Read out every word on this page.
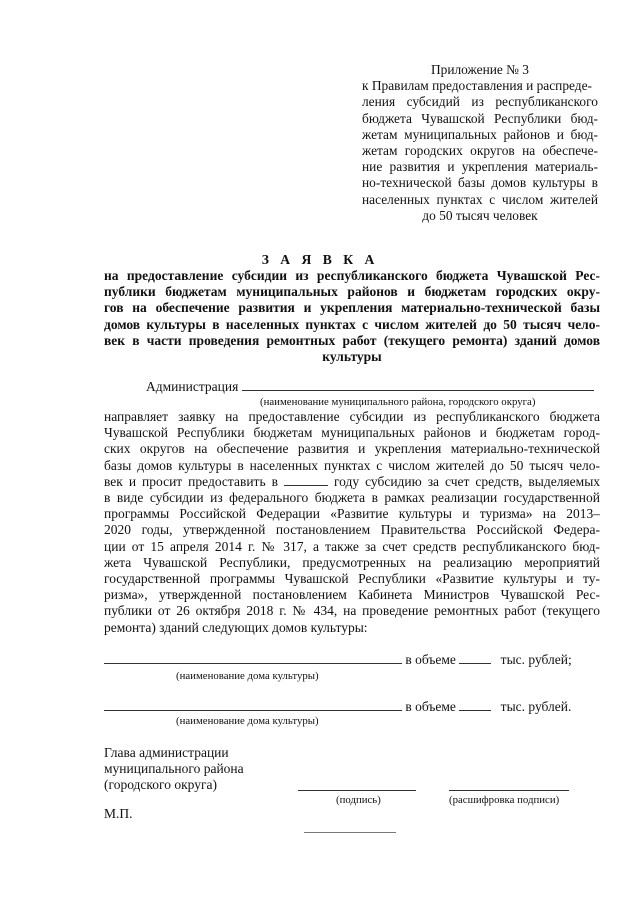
Приложение № 3
к Правилам предоставления и распреде-
ления субсидий из республиканского
бюджета Чувашской Республики бюд-
жетам муниципальных районов и бюд-
жетам городских округов на обеспече-
ние развития и укрепления материаль-
но-технической базы домов культуры в
населенных пунктах с числом жителей
до 50 тысяч человек
З А Я В К А
на предоставление субсидии из республиканского бюджета Чувашской Рес-
публики бюджетам муниципальных районов и бюджетам городских окру-
гов на обеспечение развития и укрепления материально-технической базы
домов культуры в населенных пунктах с числом жителей до 50 тысяч чело-
век в части проведения ремонтных работ (текущего ремонта) зданий домов
культуры
Администрация
(наименование муниципального района, городского округа)
направляет заявку на предоставление субсидии из республиканского бюджета
Чувашской Республики бюджетам муниципальных районов и бюджетам город-
ских округов на обеспечение развития и укрепления материально-технической
базы домов культуры в населенных пунктах с числом жителей до 50 тысяч чело-
век и просит предоставить в	году субсидию за счет средств, выделяемых
в виде субсидии из федерального бюджета в рамках реализации государственной
программы Российской Федерации «Развитие культуры и туризма» на 2013–
2020 годы, утвержденной постановлением Правительства Российской Федера-
ции от 15 апреля 2014 г. № 317, а также за счет средств республиканского бюд-
жета Чувашской Республики, предусмотренных на реализацию мероприятий
государственной программы Чувашской Республики «Развитие культуры и ту-
ризма», утвержденной постановлением Кабинета Министров Чувашской Рес-
публики от 26 октября 2018 г. № 434, на проведение ремонтных работ (текущего
ремонта) зданий следующих домов культуры:
в объеме	тыс. рублей;
(наименование дома культуры)
в объеме	тыс. рублей.
(наименование дома культуры)
Глава администрации
муниципального района
(городского округа)
(подпись)	(расшифровка подписи)
М.П.
